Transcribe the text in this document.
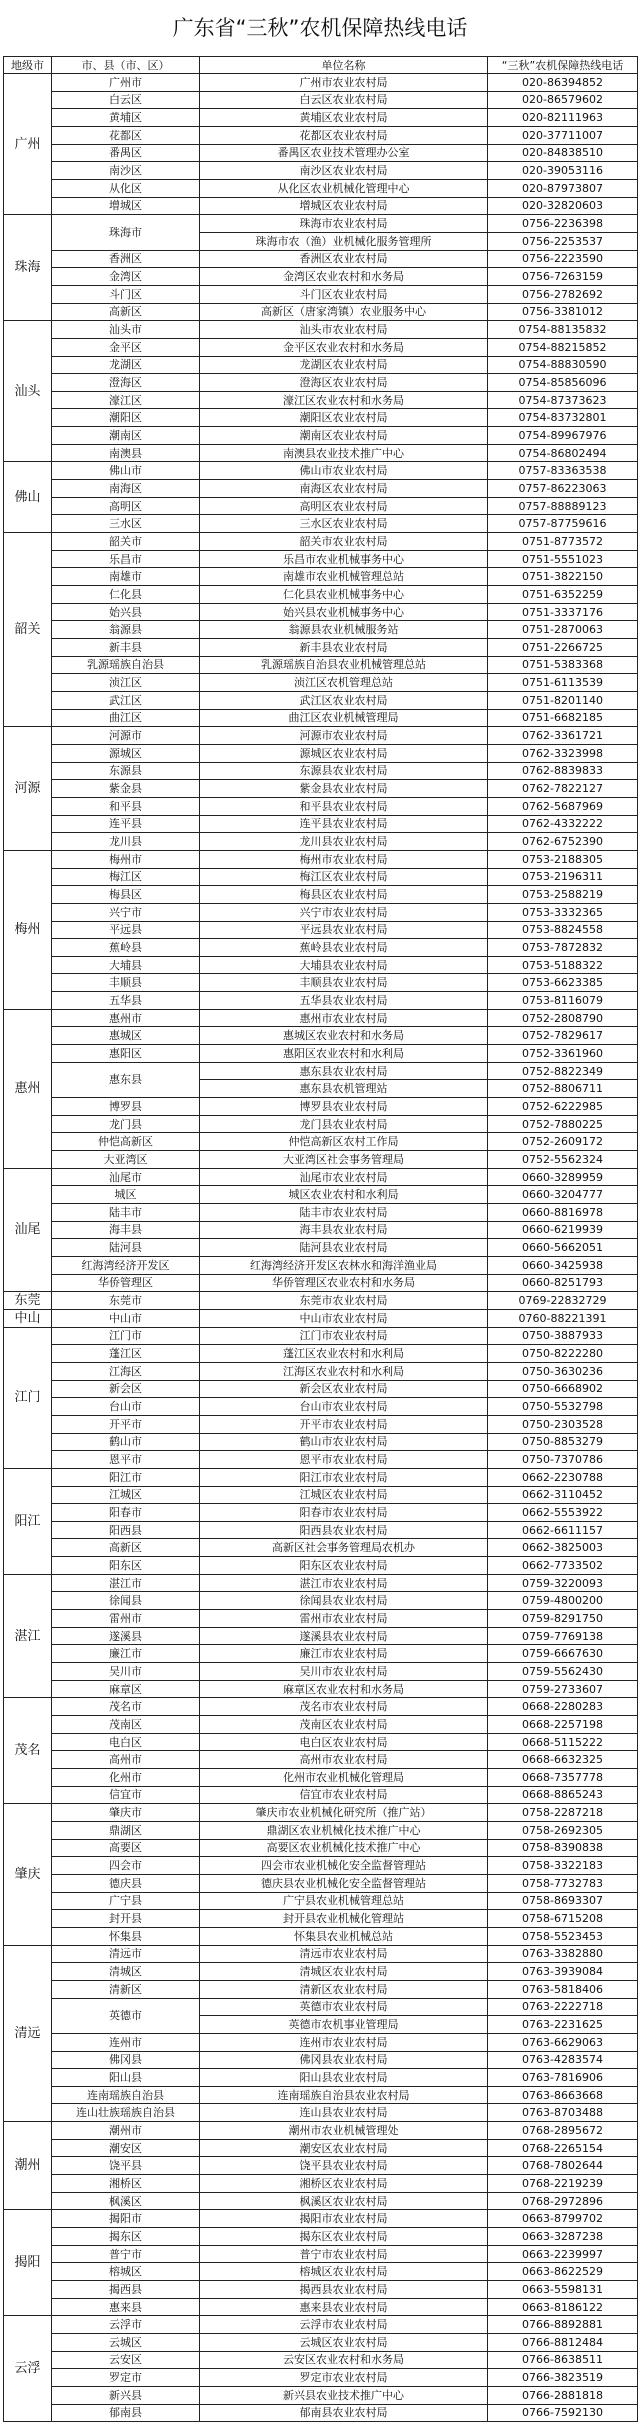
广东省“三秋”农机保障热线电话
地级市	市、县（市、区）	单位名称	“三秋”农机保障热线电话
广州	广州市	广州市农业农村局	020-86394852
	白云区	白云区农业农村局	020-86579602
	黄埔区	黄埔区农业农村局	020-82111963
	花都区	花都区农业农村局	020-37711007
	番禺区	番禺区农业技术管理办公室	020-84838510
	南沙区	南沙区农业农村局	020-39053116
	从化区	从化区农业机械化管理中心	020-87973807
	增城区	增城区农业农村局	020-32820603
珠海	珠海市	珠海市农业农村局	0756-2236398
		珠海市农（渔）业机械化服务管理所	0756-2253537
	香洲区	香洲区农业农村局	0756-2223590
	金湾区	金湾区农业农村和水务局	0756-7263159
	斗门区	斗门区农业农村局	0756-2782692
	高新区	高新区（唐家湾镇）农业服务中心	0756-3381012
汕头	汕头市	汕头市农业农村局	0754-88135832
	金平区	金平区农业农村和水务局	0754-88215852
	龙湖区	龙湖区农业农村局	0754-88830590
	澄海区	澄海区农业农村局	0754-85856096
	濠江区	濠江区农业农村和水务局	0754-87373623
	潮阳区	潮阳区农业农村局	0754-83732801
	潮南区	潮南区农业农村局	0754-89967976
	南澳县	南澳县农业技术推广中心	0754-86802494
佛山	佛山市	佛山市农业农村局	0757-83363538
	南海区	南海区农业农村局	0757-86223063
	高明区	高明区农业农村局	0757-88889123
	三水区	三水区农业农村局	0757-87759616
韶关	韶关市	韶关市农业农村局	0751-8773572
	乐昌市	乐昌市农业机械事务中心	0751-5551023
	南雄市	南雄市农业机械管理总站	0751-3822150
	仁化县	仁化县农业机械事务中心	0751-6352259
	始兴县	始兴县农业机械事务中心	0751-3337176
	翁源县	翁源县农业机械服务站	0751-2870063
	新丰县	新丰县农业农村局	0751-2266725
	乳源瑶族自治县	乳源瑶族自治县农业机械管理总站	0751-5383368
	浈江区	浈江区农机管理总站	0751-6113539
	武江区	武江区农业农村局	0751-8201140
	曲江区	曲江区农业机械管理局	0751-6682185
河源	河源市	河源市农业农村局	0762-3361721
	源城区	源城区农业农村局	0762-3323998
	东源县	东源县农业农村局	0762-8839833
	紫金县	紫金县农业农村局	0762-7822127
	和平县	和平县农业农村局	0762-5687969
	连平县	连平县农业农村局	0762-4332222
	龙川县	龙川县农业农村局	0762-6752390
梅州	梅州市	梅州市农业农村局	0753-2188305
	梅江区	梅江区农业农村局	0753-2196311
	梅县区	梅县区农业农村局	0753-2588219
	兴宁市	兴宁市农业农村局	0753-3332365
	平远县	平远县农业农村局	0753-8824558
	蕉岭县	蕉岭县农业农村局	0753-7872832
	大埔县	大埔县农业农村局	0753-5188322
	丰顺县	丰顺县农业农村局	0753-6623385
	五华县	五华县农业农村局	0753-8116079
惠州	惠州市	惠州市农业农村局	0752-2808790
	惠城区	惠城区农业农村和水务局	0752-7829617
	惠阳区	惠阳区农业农村和水利局	0752-3361960
	惠东县	惠东县农业农村局	0752-8822349
		惠东县农机管理站	0752-8806711
	博罗县	博罗县农业农村局	0752-6222985
	龙门县	龙门县农业农村局	0752-7880225
	仲恺高新区	仲恺高新区农村工作局	0752-2609172
	大亚湾区	大亚湾区社会事务管理局	0752-5562324
汕尾	汕尾市	汕尾市农业农村局	0660-3289959
	城区	城区农业农村和水利局	0660-3204777
	陆丰市	陆丰市农业农村局	0660-8816978
	海丰县	海丰县农业农村局	0660-6219939
	陆河县	陆河县农业农村局	0660-5662051
	红海湾经济开发区	红海湾经济开发区农林水和海洋渔业局	0660-3425938
	华侨管理区	华侨管理区农业农村和水务局	0660-8251793
东莞	东莞市	东莞市农业农村局	0769-22832729
中山	中山市	中山市农业农村局	0760-88221391
江门	江门市	江门市农业农村局	0750-3887933
	蓬江区	蓬江区农业农村和水利局	0750-8222280
	江海区	江海区农业农村和水利局	0750-3630236
	新会区	新会区农业农村局	0750-6668902
	台山市	台山市农业农村局	0750-5532798
	开平市	开平市农业农村局	0750-2303528
	鹤山市	鹤山市农业农村局	0750-8853279
	恩平市	恩平市农业农村局	0750-7370786
阳江	阳江市	阳江市农业农村局	0662-2230788
	江城区	江城区农业农村局	0662-3110452
	阳春市	阳春市农业农村局	0662-5553922
	阳西县	阳西县农业农村局	0662-6611157
	高新区	高新区社会事务管理局农机办	0662-3825003
	阳东区	阳东区农业农村局	0662-7733502
湛江	湛江市	湛江市农业农村局	0759-3220093
	徐闻县	徐闻县农业农村局	0759-4800200
	雷州市	雷州市农业农村局	0759-8291750
	遂溪县	遂溪县农业农村局	0759-7769138
	廉江市	廉江市农业农村局	0759-6667630
	吴川市	吴川市农业农村局	0759-5562430
	麻章区	麻章区农业农村和水务局	0759-2733607
茂名	茂名市	茂名市农业农村局	0668-2280283
	茂南区	茂南区农业农村局	0668-2257198
	电白区	电白区农业农村局	0668-5115222
	高州市	高州市农业农村局	0668-6632325
	化州市	化州市农业机械化管理局	0668-7357778
	信宜市	信宜市农业农村局	0668-8865243
肇庆	肇庆市	肇庆市农业机械化研究所（推广站）	0758-2287218
	鼎湖区	鼎湖区农业机械化技术推广中心	0758-2692305
	高要区	高要区农业机械化技术推广中心	0758-8390838
	四会市	四会市农业机械化安全监督管理站	0758-3322183
	德庆县	德庆县农业机械化安全监督管理站	0758-7732783
	广宁县	广宁县农业机械管理总站	0758-8693307
	封开县	封开县农业机械化管理站	0758-6715208
	怀集县	怀集县农业机械总站	0758-5523453
清远	清远市	清远市农业农村局	0763-3382880
	清城区	清城区农业农村局	0763-3939084
	清新区	清新区农业农村局	0763-5818406
	英德市	英德市农业农村局	0763-2222718
		英德市农机事业管理局	0763-2231625
	连州市	连州市农业农村局	0763-6629063
	佛冈县	佛冈县农业农村局	0763-4283574
	阳山县	阳山县农业农村局	0763-7816906
	连南瑶族自治县	连南瑶族自治县农业农村局	0763-8663668
	连山壮族瑶族自治县	连山县农业农村局	0763-8703488
潮州	潮州市	潮州市农业机械管理处	0768-2895672
	潮安区	潮安区农业农村局	0768-2265154
	饶平县	饶平县农业农村局	0768-7802644
	湘桥区	湘桥区农业农村局	0768-2219239
	枫溪区	枫溪区农业农村局	0768-2972896
揭阳	揭阳市	揭阳市农业农村局	0663-8799702
	揭东区	揭东区农业农村局	0663-3287238
	普宁市	普宁市农业农村局	0663-2239997
	榕城区	榕城区农业农村局	0663-8622529
	揭西县	揭西县农业农村局	0663-5598131
	惠来县	惠来县农业农村局	0663-8186122
云浮	云浮市	云浮市农业农村局	0766-8892881
	云城区	云城区农业农村局	0766-8812484
	云安区	云安区农业农村和水务局	0766-8638511
	罗定市	罗定市农业农村局	0766-3823519
	新兴县	新兴县农业技术推广中心	0766-2881818
	郁南县	郁南县农业农村局	0766-7592130
